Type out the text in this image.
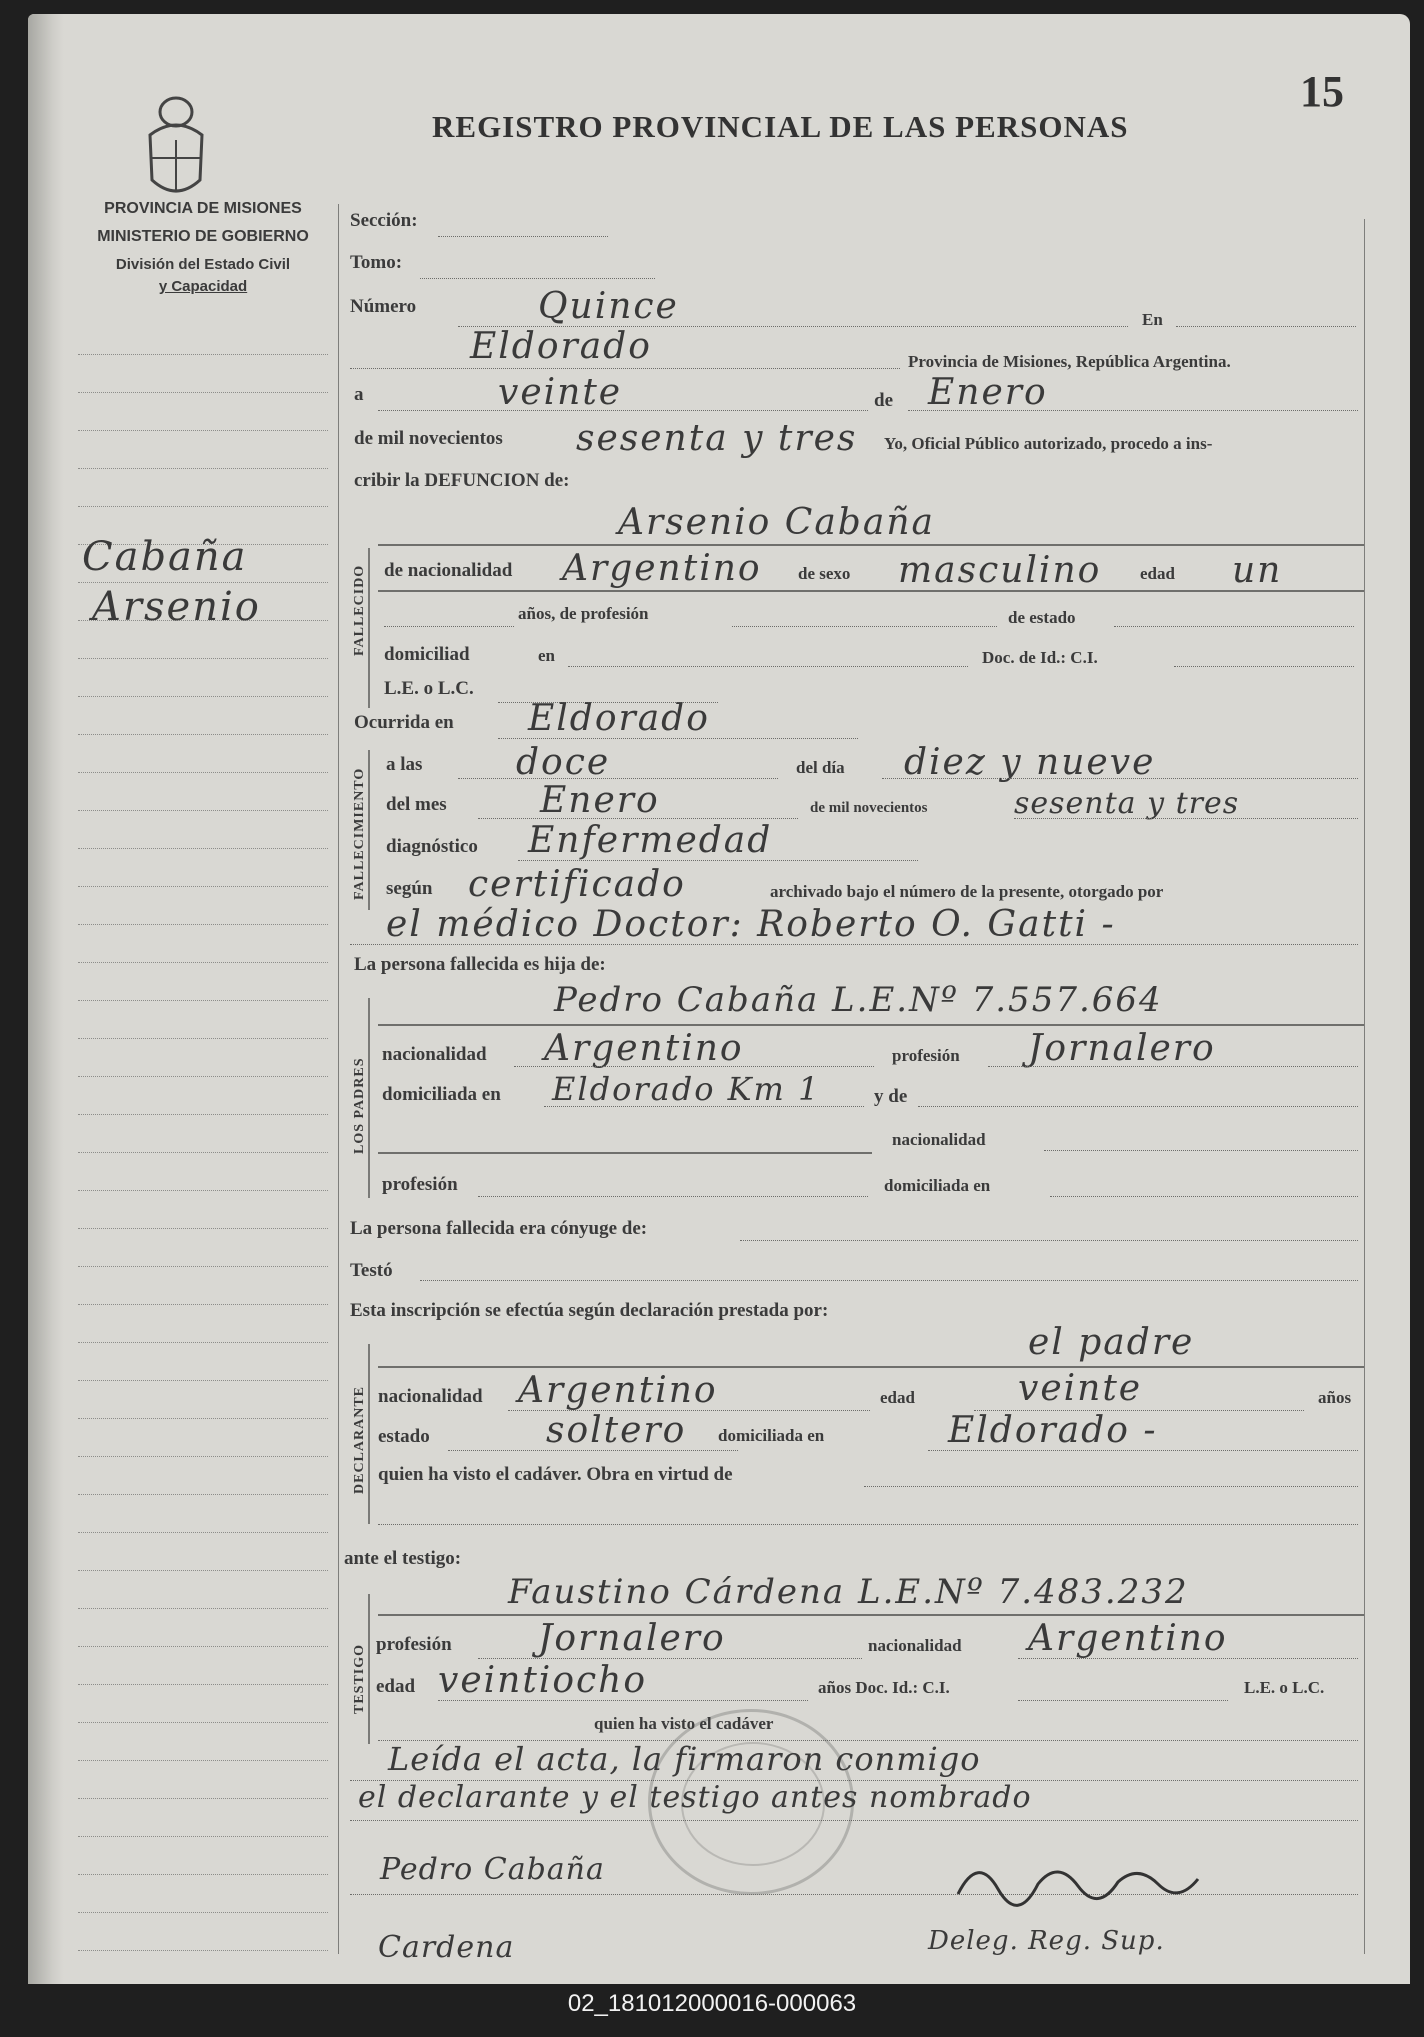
15
REGISTRO PROVINCIAL DE LAS PERSONAS
PROVINCIA DE MISIONES
MINISTERIO DE GOBIERNO
División del Estado Civil
y Capacidad
Cabaña
Arsenio
Sección:
Tomo:
Número	Quince	En
Eldorado	Provincia de Misiones, República Argentina.
a	veinte	de Enero
de mil novecientos sesenta y tres Yo, Oficial Público autorizado, procedo a ins-
cribir la DEFUNCION de:
FALLECIDO
Arsenio Cabaña
de nacionalidad Argentino de sexo masculino edad un
años, de profesión	de estado
domiciliad	en	Doc. de Id.: C.I.
L.E. o L.C.
Ocurrida en Eldorado
FALLECIMIENTO
a las	doce	del día diez y nueve
del mes	Enero	de mil novecientos	sesenta y tres
diagnóstico Enfermedad
según certificado	archivado bajo el número de la presente, otorgado por
el médico Doctor: Roberto O. Gatti -
La persona fallecida es hija de:
LOS PADRES
Pedro Cabaña L.E.Nº 7.557.664
nacionalidad Argentino	profesión Jornalero
domiciliada en Eldorado Km 1	y de
nacionalidad
profesión	domiciliada en
La persona fallecida era cónyuge de:
Testó
Esta inscripción se efectúa según declaración prestada por:
DECLARANTE
el padre
nacionalidad Argentino	edad	veinte	años
estado	soltero domiciliada en	Eldorado -
quien ha visto el cadáver. Obra en virtud de
ante el testigo:
TESTIGO
Faustino Cárdena L.E.Nº 7.483.232
profesión Jornalero	nacionalidad Argentino
edad veintiocho	años Doc. Id.: C.I.	L.E. o L.C.
quien ha visto el cadáver
Leída el acta, la firmaron conmigo
el declarante y el testigo antes nombrado
Pedro Cabaña
Cardena	Deleg. Reg. Sup.
02_181012000016-000063
